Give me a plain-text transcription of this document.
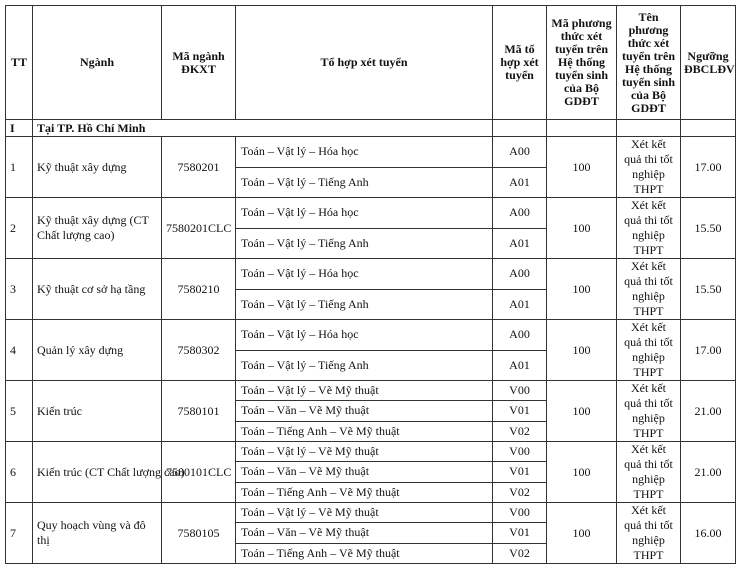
TT	Ngành	Mã ngành ĐKXT	Tổ hợp xét tuyển	Mã tổ hợp xét tuyển	Mã phương thức xét tuyển trên Hệ thống tuyển sinh của Bộ GDĐT	Tên phương thức xét tuyển trên Hệ thống tuyển sinh của Bộ GDĐT	Ngưỡng ĐBCLĐV
I	Tại TP. Hồ Chí Minh						
1	Kỹ thuật xây dựng	7580201	Toán – Vật lý – Hóa học	A00	100	Xét kết quả thi tốt nghiệp THPT	17.00
			Toán – Vật lý – Tiếng Anh	A01			
2	Kỹ thuật xây dựng (CT Chất lượng cao)	7580201CLC	Toán – Vật lý – Hóa học	A00	100	Xét kết quả thi tốt nghiệp THPT	15.50
			Toán – Vật lý – Tiếng Anh	A01			
3	Kỹ thuật cơ sở hạ tầng	7580210	Toán – Vật lý – Hóa học	A00	100	Xét kết quả thi tốt nghiệp THPT	15.50
			Toán – Vật lý – Tiếng Anh	A01			
4	Quản lý xây dựng	7580302	Toán – Vật lý – Hóa học	A00	100	Xét kết quả thi tốt nghiệp THPT	17.00
			Toán – Vật lý – Tiếng Anh	A01			
5	Kiến trúc	7580101	Toán – Vật lý – Vẽ Mỹ thuật	V00	100	Xét kết quả thi tốt nghiệp THPT	21.00
			Toán – Văn – Vẽ Mỹ thuật	V01			
			Toán – Tiếng Anh – Vẽ Mỹ thuật	V02			
6	Kiến trúc (CT Chất lượng cao)	7580101CLC	Toán – Vật lý – Vẽ Mỹ thuật	V00	100	Xét kết quả thi tốt nghiệp THPT	21.00
			Toán – Văn – Vẽ Mỹ thuật	V01			
			Toán – Tiếng Anh – Vẽ Mỹ thuật	V02			
7	Quy hoạch vùng và đô thị	7580105	Toán – Vật lý – Vẽ Mỹ thuật	V00	100	Xét kết quả thi tốt nghiệp THPT	16.00
			Toán – Văn – Vẽ Mỹ thuật	V01			
			Toán – Tiếng Anh – Vẽ Mỹ thuật	V02			
